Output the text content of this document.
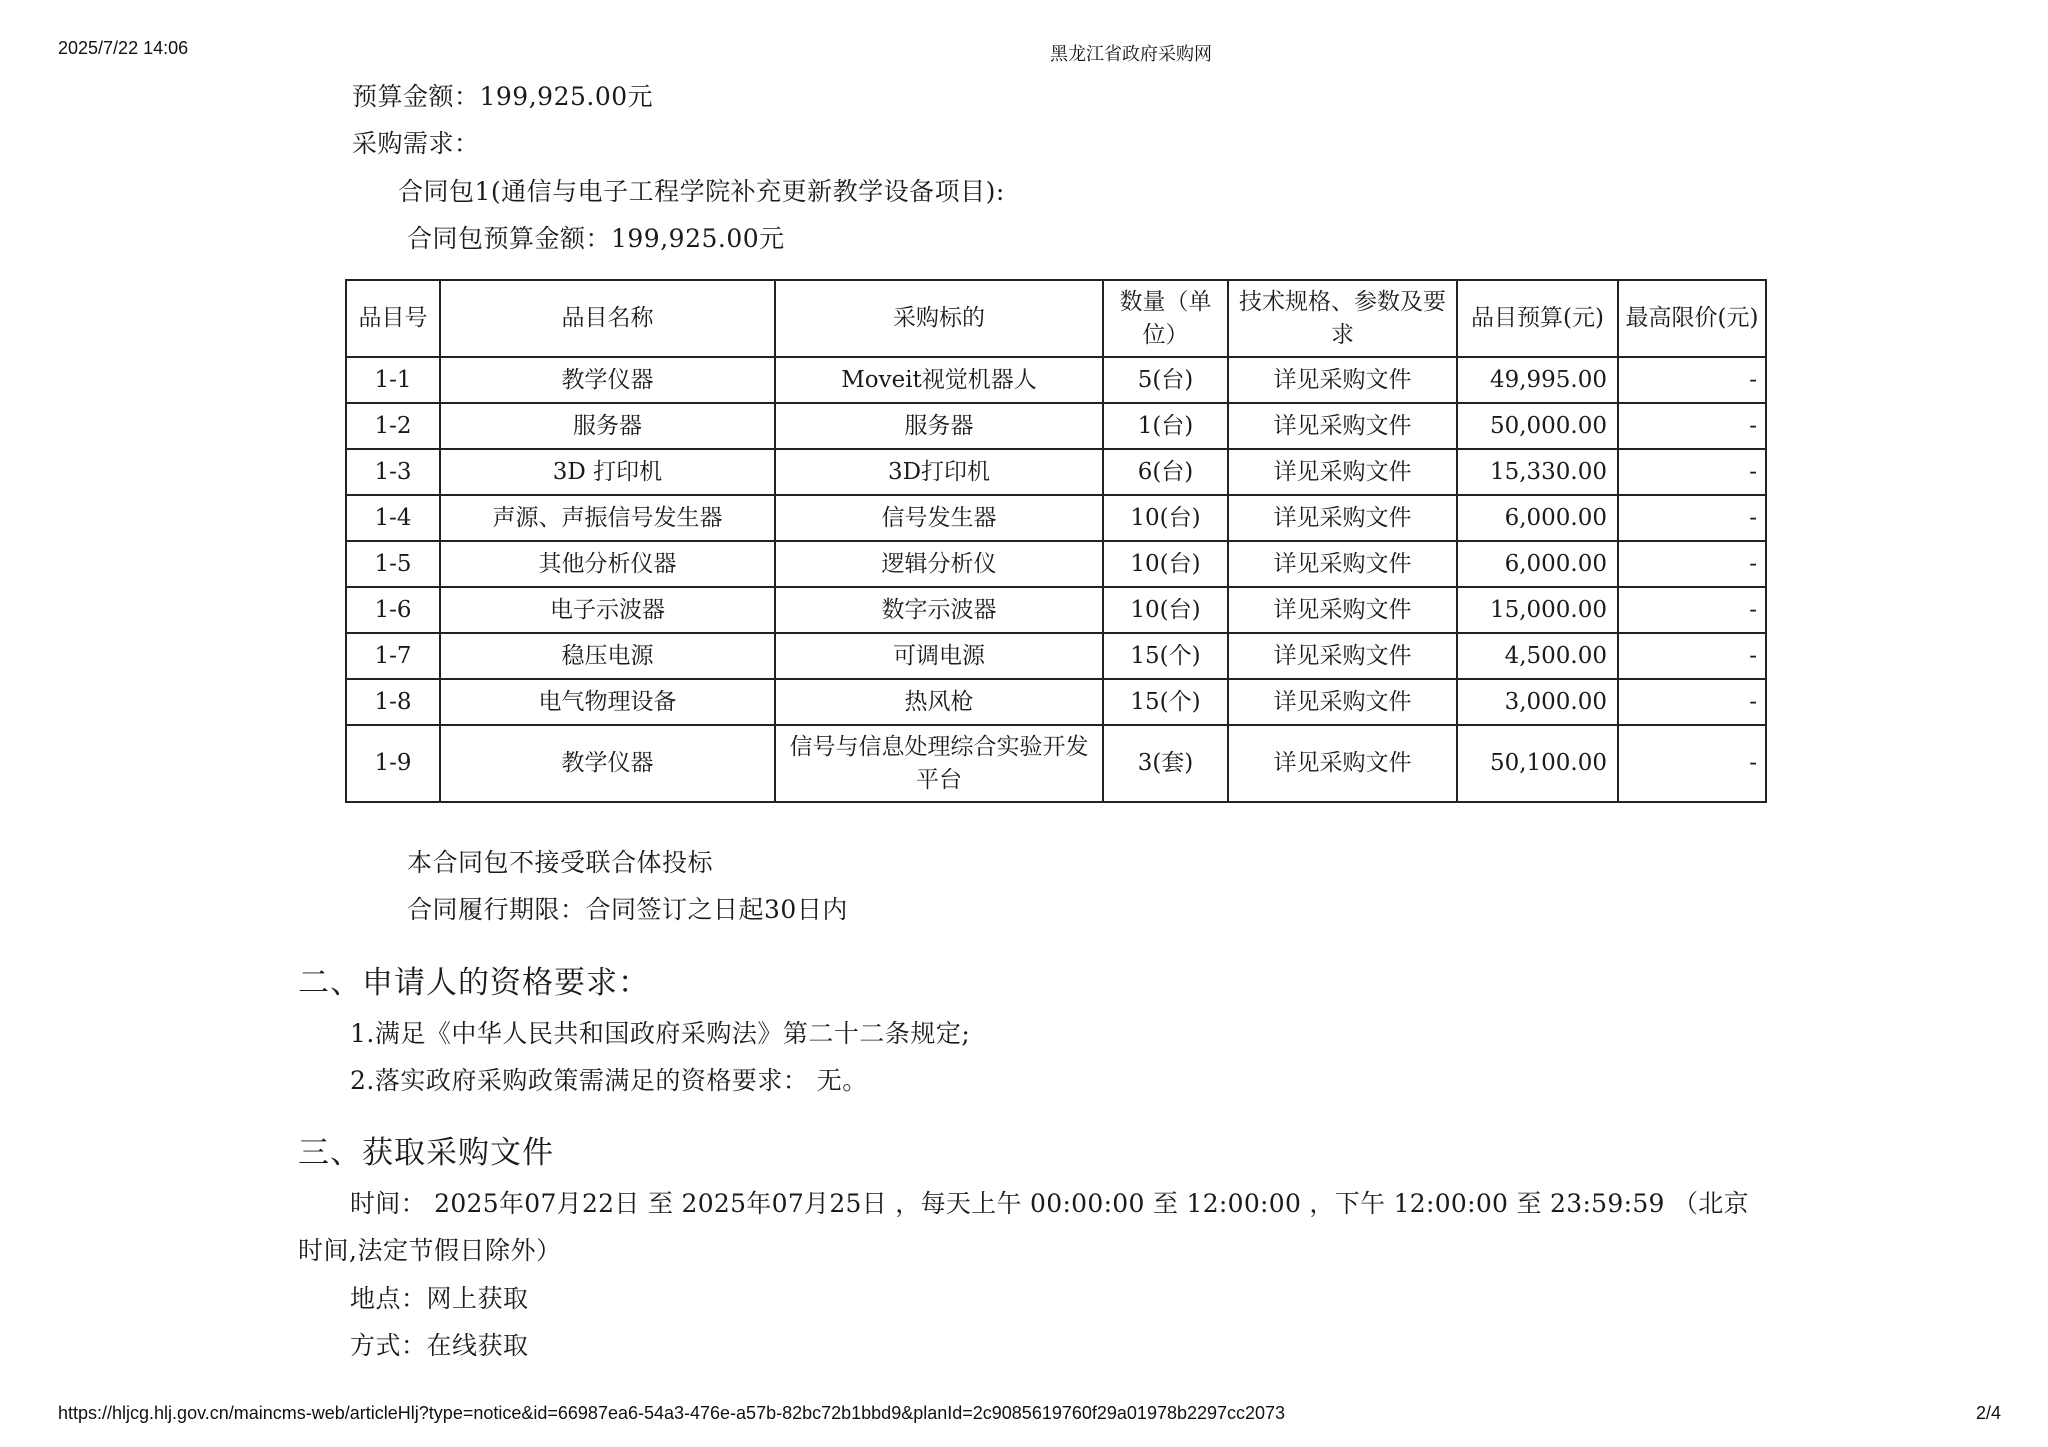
2025/7/22 14:06	黑龙江省政府采购网
预算金额：199,925.00元
采购需求：
合同包1(通信与电子工程学院补充更新教学设备项目):
合同包预算金额：199,925.00元
品目号	品目名称	采购标的	数量（单位）	技术规格、参数及要求	品目预算(元)	最高限价(元)
1-1	教学仪器	Moveit视觉机器人	5(台)	详见采购文件	49,995.00	-
1-2	服务器	服务器	1(台)	详见采购文件	50,000.00	-
1-3	3D 打印机	3D打印机	6(台)	详见采购文件	15,330.00	-
1-4	声源、声振信号发生器	信号发生器	10(台)	详见采购文件	6,000.00	-
1-5	其他分析仪器	逻辑分析仪	10(台)	详见采购文件	6,000.00	-
1-6	电子示波器	数字示波器	10(台)	详见采购文件	15,000.00	-
1-7	稳压电源	可调电源	15(个)	详见采购文件	4,500.00	-
1-8	电气物理设备	热风枪	15(个)	详见采购文件	3,000.00	-
1-9	教学仪器	信号与信息处理综合实验开发平台	3(套)	详见采购文件	50,100.00	-
本合同包不接受联合体投标
合同履行期限：合同签订之日起30日内
二、申请人的资格要求：
1.满足《中华人民共和国政府采购法》第二十二条规定;
2.落实政府采购政策需满足的资格要求： 无。
三、获取采购文件
时间： 2025年07月22日 至 2025年07月25日 ，每天上午 00:00:00 至 12:00:00 ，下午 12:00:00 至 23:59:59 （北京
时间,法定节假日除外）
地点：网上获取
方式：在线获取
https://hljcg.hlj.gov.cn/maincms-web/articleHlj?type=notice&id=66987ea6-54a3-476e-a57b-82bc72b1bbd9&planId=2c9085619760f29a01978b2297cc2073	2/4
